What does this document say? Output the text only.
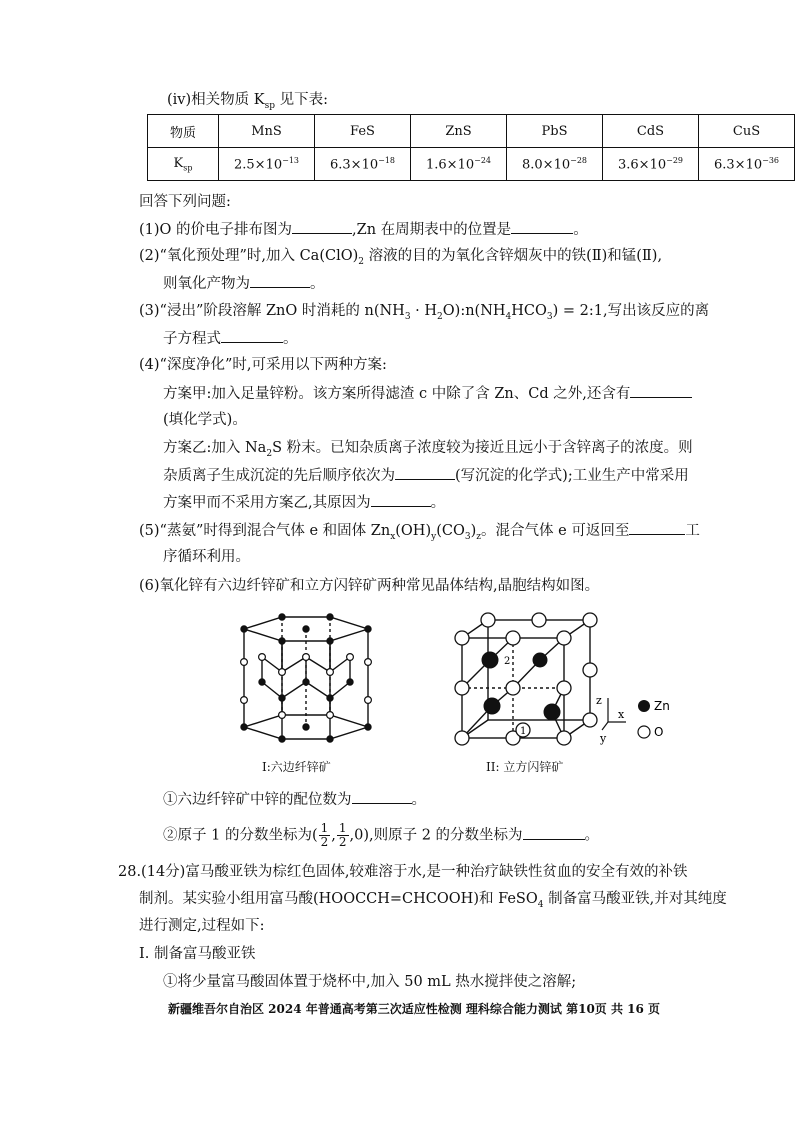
(ⅳ)相关物质 $K_{sp}$ 见下表:
物质	MnS	FeS	ZnS	PbS	CdS	CuS
$K_{sp}$	$2.5\times 10^{-13}$	$6.3\times 10^{-18}$	$1.6\times 10^{-24}$	$8.0\times 10^{-28}$	$3.6\times 10^{-29}$	$6.3\times 10^{-36}$
回答下列问题:
(1)O 的价电子排布图为	,Zn 在周期表中的位置是	。
(2)“氧化预处理”时,加入 $Ca(ClO)_2$ 溶液的目的为氧化含锌烟灰中的铁(Ⅱ)和锰(Ⅱ),
则氧化产物为	。
(3)“浸出”阶段溶解 ZnO 时消耗的 $n(NH_3$ · $H_2O):n(NH_4HCO_3)$ = 2:1,写出该反应的离
子方程式	。
(4)“深度净化”时,可采用以下两种方案:
方案甲:加入足量锌粉。该方案所得滤渣 c 中除了含 Zn、Cd 之外,还含有
(填化学式)。
方案乙:加入 $Na_2S$ 粉末。已知杂质离子浓度较为接近且远小于含锌离子的浓度。则
杂质离子生成沉淀的先后顺序依次为	(写沉淀的化学式);工业生产中常采用
方案甲而不采用方案乙,其原因为	。
(5)“蒸氨”时得到混合气体 e 和固体 $Zn_x(OH)_y(CO_3)_z$。混合气体 e 可返回至	工
序循环利用。
(6)氧化锌有六边纤锌矿和立方闪锌矿两种常见晶体结构,晶胞结构如图。
I:六边纤锌矿
2
1
z
x
y
Zn
O
II: 立方闪锌矿
①六边纤锌矿中锌的配位数为	。
②原子 1 的分数坐标为( $\frac{1}{2}$ , $\frac{1}{2} ,0$),则原子 2 的分数坐标为	。
28.(14分)富马酸亚铁为棕红色固体,较难溶于水,是一种治疗缺铁性贫血的安全有效的补铁
制剂。某实验小组用富马酸(HOOCCH=CHCOOH)和 FeSO$_4$ 制备富马酸亚铁,并对其纯度
进行测定,过程如下:
I. 制备富马酸亚铁
①将少量富马酸固体置于烧杯中,加入 50 mL 热水搅拌使之溶解;
新疆维吾尔自治区 2024 年普通高考第三次适应性检测 理科综合能力测试 第10页 共 16 页
